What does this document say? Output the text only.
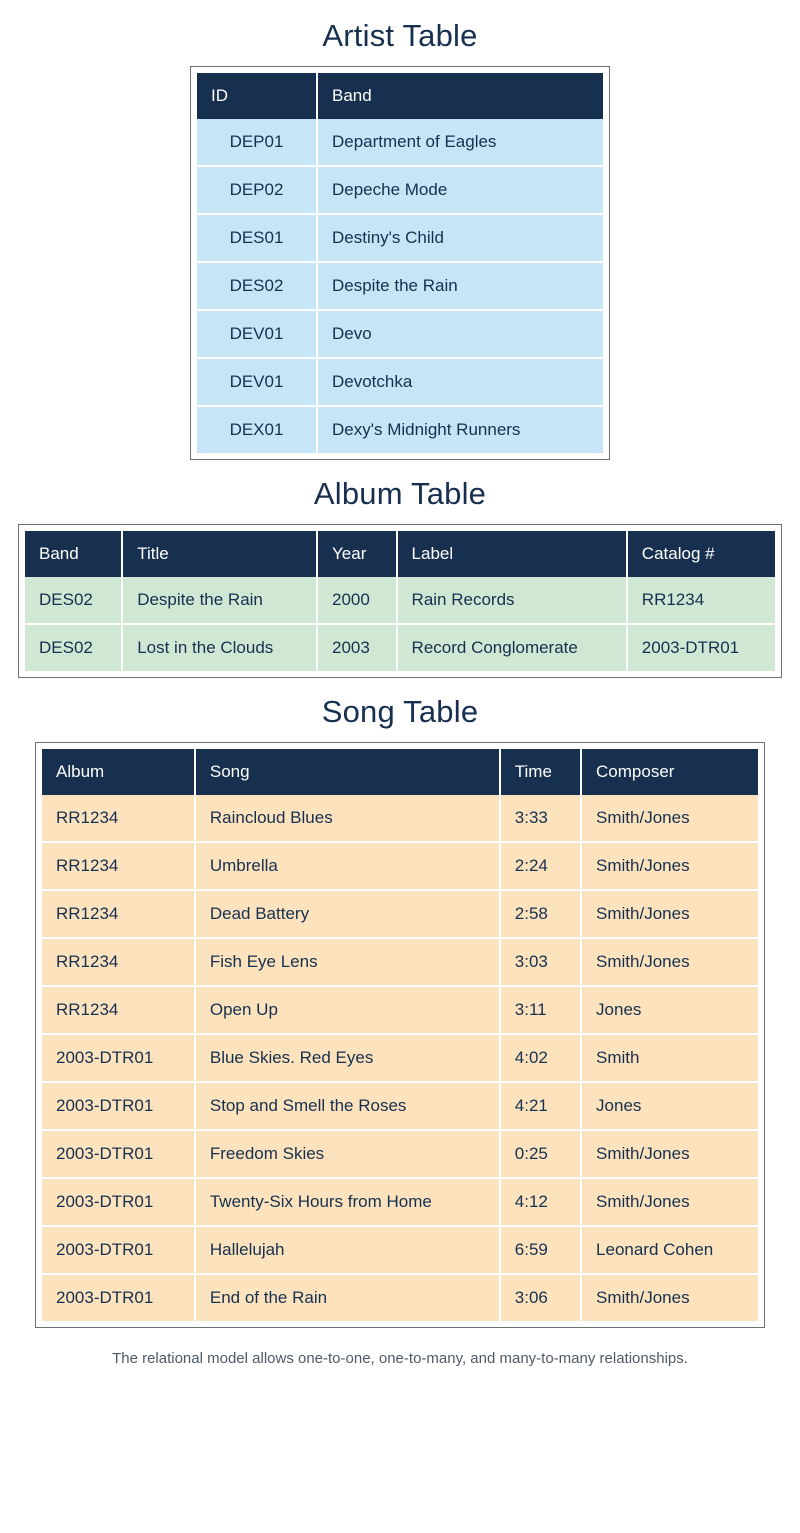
Artist Table
ID	Band
DEP01	Department of Eagles
DEP02	Depeche Mode
DES01	Destiny's Child
DES02	Despite the Rain
DEV01	Devo
DEV01	Devotchka
DEX01	Dexy's Midnight Runners
Album Table
Band	Title	Year	Label	Catalog #
DES02	Despite the Rain	2000	Rain Records	RR1234
DES02	Lost in the Clouds	2003	Record Conglomerate	2003-DTR01
Song Table
Album	Song	Time	Composer
RR1234	Raincloud Blues	3:33	Smith/Jones
RR1234	Umbrella	2:24	Smith/Jones
RR1234	Dead Battery	2:58	Smith/Jones
RR1234	Fish Eye Lens	3:03	Smith/Jones
RR1234	Open Up	3:11	Jones
2003-DTR01	Blue Skies. Red Eyes	4:02	Smith
2003-DTR01	Stop and Smell the Roses	4:21	Jones
2003-DTR01	Freedom Skies	0:25	Smith/Jones
2003-DTR01	Twenty-Six Hours from Home	4:12	Smith/Jones
2003-DTR01	Hallelujah	6:59	Leonard Cohen
2003-DTR01	End of the Rain	3:06	Smith/Jones
The relational model allows one-to-one, one-to-many, and many-to-many relationships.
